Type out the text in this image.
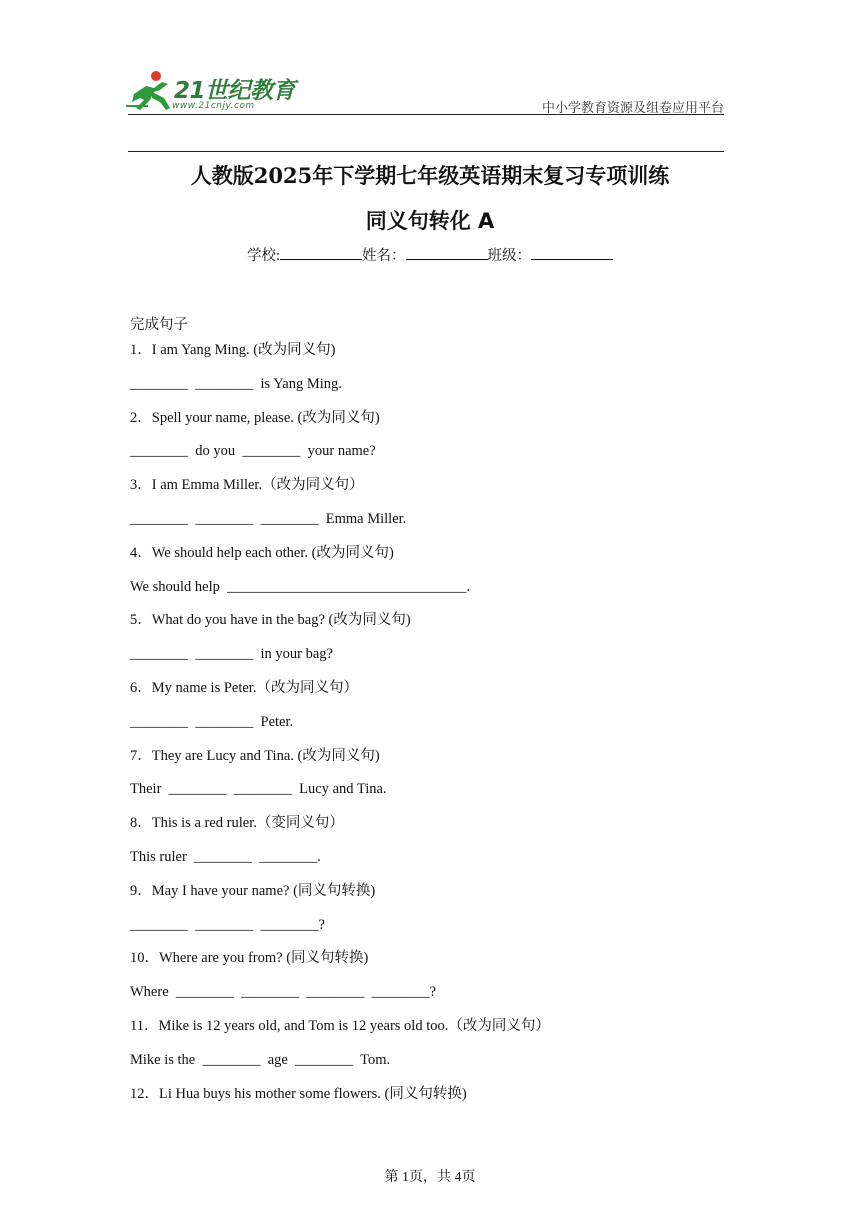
21世纪教育
www.21cnjy.com	中小学教育资源及组卷应用平台
人教版2025年下学期七年级英语期末复习专项训练
同义句转化 A
学校:	姓名：	班级：
完成句子
1．I am Yang Ming. (改为同义句)
________  ________  is Yang Ming.
2．Spell your name, please. (改为同义句)
________  do you  ________  your name?
3．I am Emma Miller.（改为同义句）
________  ________  ________  Emma Miller.
4．We should help each other. (改为同义句)
We should help  _________________________________.
5．What do you have in the bag? (改为同义句)
________  ________  in your bag?
6．My name is Peter.（改为同义句）
________  ________  Peter.
7．They are Lucy and Tina. (改为同义句)
Their  ________  ________  Lucy and Tina.
8．This is a red ruler.（变同义句）
This ruler  ________  ________.
9．May I have your name? (同义句转换)
________  ________  ________?
10．Where are you from? (同义句转换)
Where  ________  ________  ________  ________?
11．Mike is 12 years old, and Tom is 12 years old too.（改为同义句）
Mike is the  ________  age  ________  Tom.
12．Li Hua buys his mother some flowers. (同义句转换)
第 1页，共 4页
